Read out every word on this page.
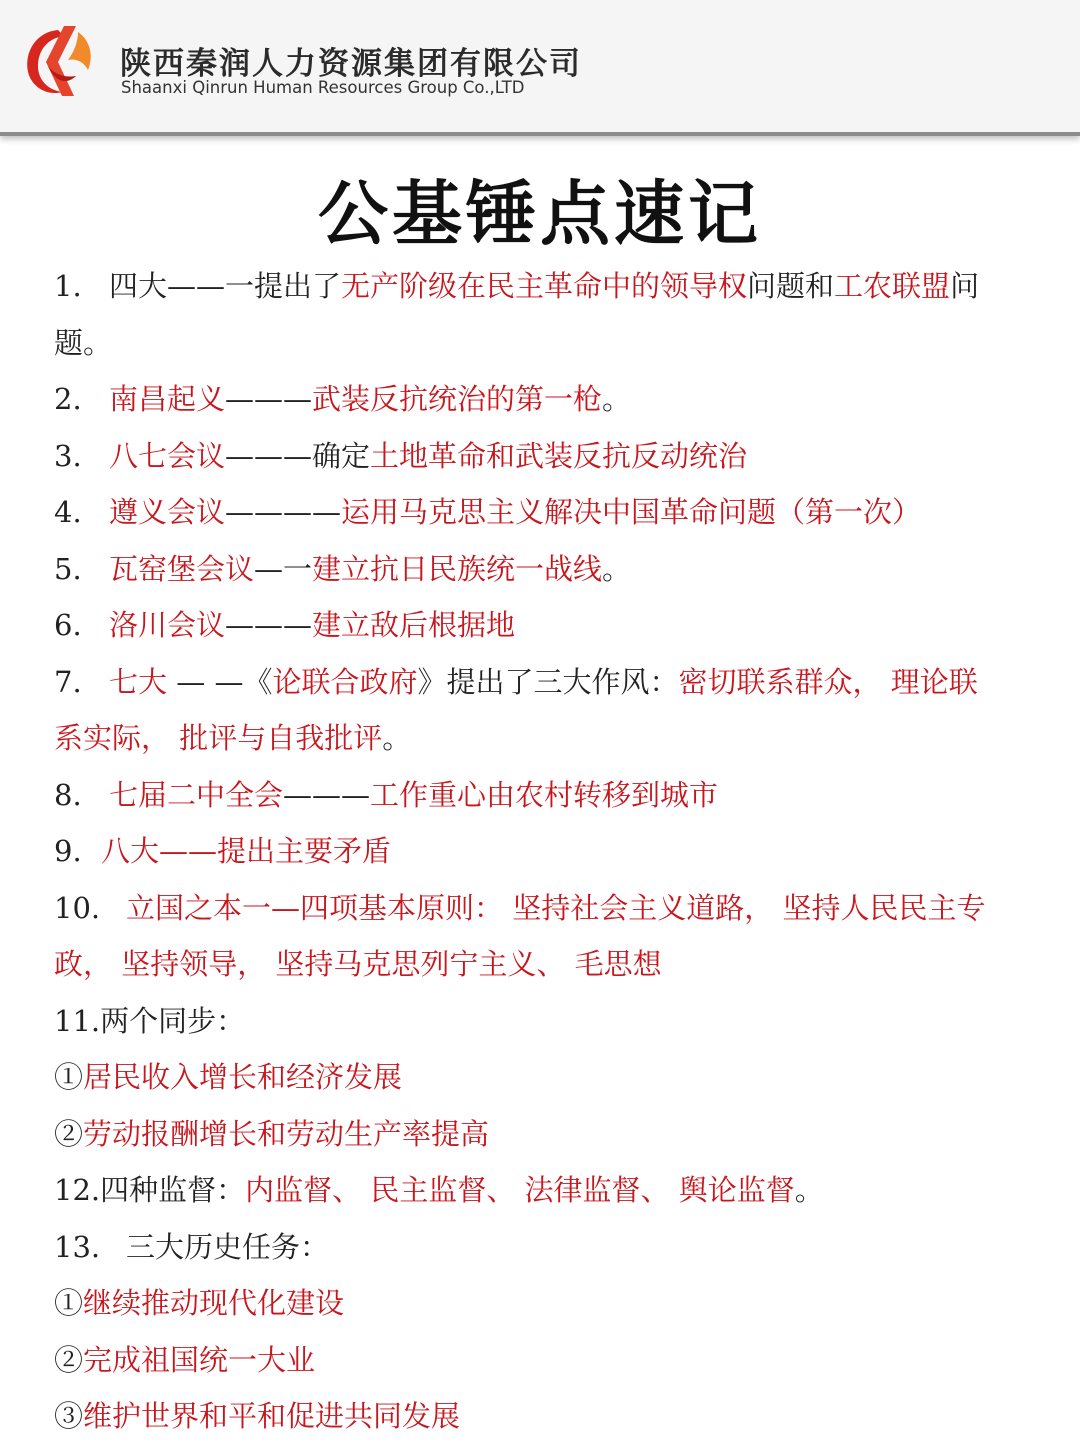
陕西秦润人力资源集团有限公司
Shaanxi Qinrun Human Resources Group Co.,LTD
公基锤点速记
1. 四大——一提出了无产阶级在民主革命中的领导权问题和工农联盟问
题。
2. 南昌起义———武装反抗统治的第一枪。
3. 八七会议———确定土地革命和武装反抗反动统治
4. 遵义会议————运用马克思主义解决中国革命问题（第一次）
5. 瓦窑堡会议—一建立抗日民族统一战线。
6. 洛川会议———建立敌后根据地
7. 七大 — —《论联合政府》提出了三大作风：密切联系群众， 理论联
系实际， 批评与自我批评。
8. 七届二中全会———工作重心由农村转移到城市
9. 八大——提出主要矛盾
10. 立国之本一—四项基本原则： 坚持社会主义道路， 坚持人民民主专
政， 坚持领导， 坚持马克思列宁主义、 毛思想
11.两个同步：
①居民收入增长和经济发展
②劳动报酬增长和劳动生产率提高
12.四种监督：内监督、 民主监督、 法律监督、 舆论监督。
13. 三大历史任务：
①继续推动现代化建设
②完成祖国统一大业
③维护世界和平和促进共同发展
